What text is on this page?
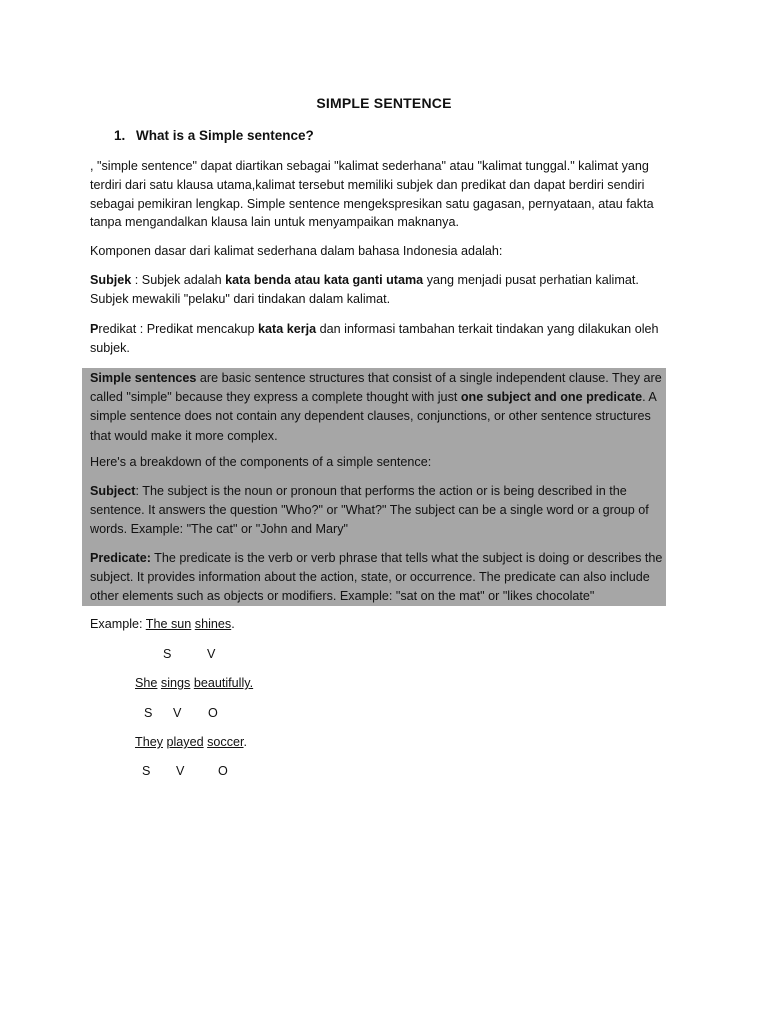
SIMPLE SENTENCE
1. What is a Simple sentence?
, "simple sentence" dapat diartikan sebagai "kalimat sederhana" atau "kalimat tunggal." kalimat yang terdiri dari satu klausa utama,kalimat tersebut memiliki subjek dan predikat dan dapat berdiri sendiri sebagai pemikiran lengkap. Simple sentence mengekspresikan satu gagasan, pernyataan, atau fakta tanpa mengandalkan klausa lain untuk menyampaikan maknanya.
Komponen dasar dari kalimat sederhana dalam bahasa Indonesia adalah:
Subjek : Subjek adalah kata benda atau kata ganti utama yang menjadi pusat perhatian kalimat. Subjek mewakili "pelaku" dari tindakan dalam kalimat.
Predikat : Predikat mencakup kata kerja dan informasi tambahan terkait tindakan yang dilakukan oleh subjek.
Simple sentences are basic sentence structures that consist of a single independent clause. They are called "simple" because they express a complete thought with just one subject and one predicate. A simple sentence does not contain any dependent clauses, conjunctions, or other sentence structures that would make it more complex.
Here's a breakdown of the components of a simple sentence:
Subject: The subject is the noun or pronoun that performs the action or is being described in the sentence. It answers the question "Who?" or "What?" The subject can be a single word or a group of words. Example: "The cat" or "John and Mary"
Predicate: The predicate is the verb or verb phrase that tells what the subject is doing or describes the subject. It provides information about the action, state, or occurrence. The predicate can also include other elements such as objects or modifiers. Example: "sat on the mat" or "likes chocolate"
Example: The sun shines.
S	V
She sings beautifully.
S V O
They played soccer.
S V	O
